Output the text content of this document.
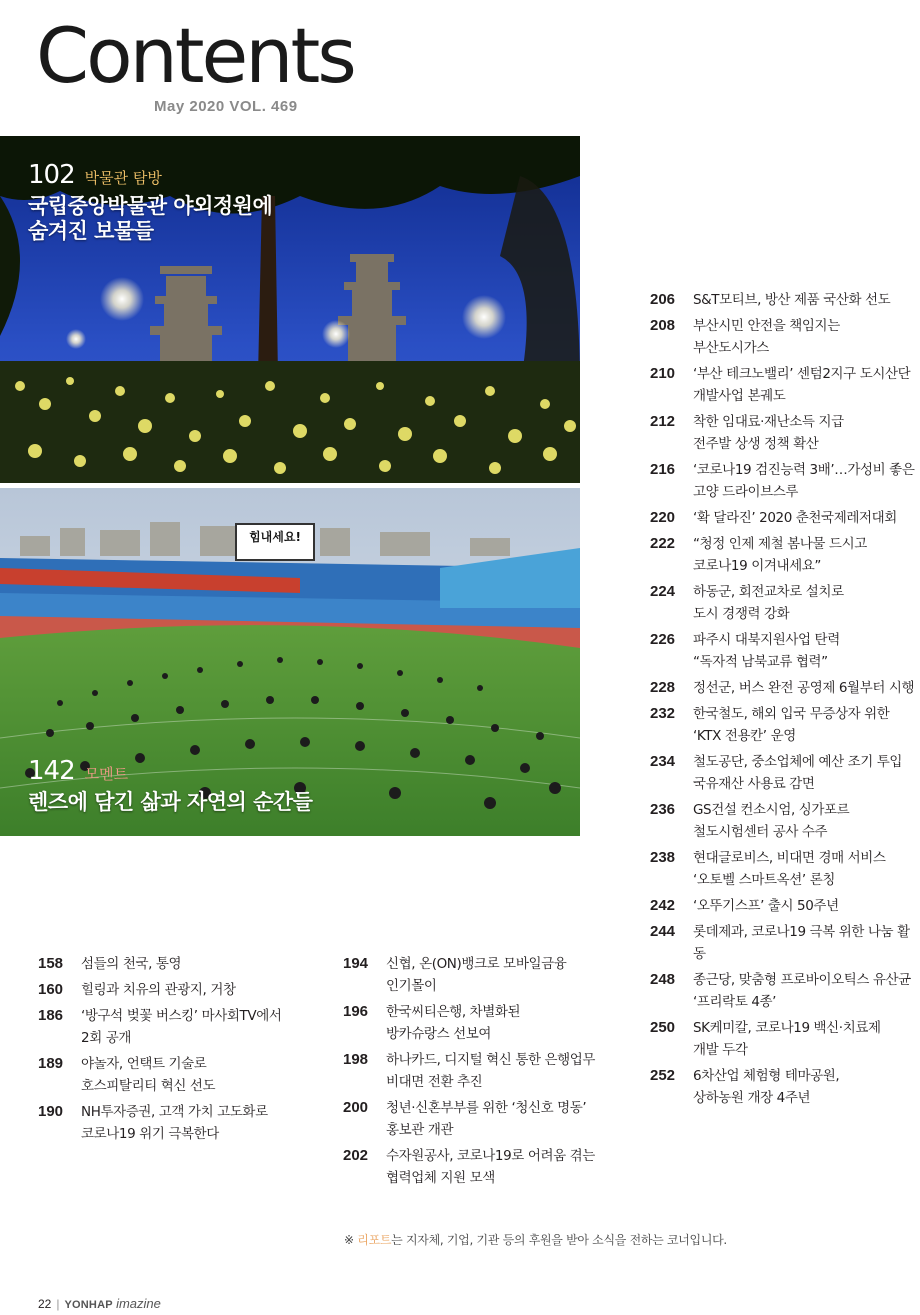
Contents
May 2020 VOL. 469
102 박물관 탐방
국립중앙박물관 야외정원에
숨겨진 보물들
힘내세요!
142 모멘트
렌즈에 담긴 삶과 자연의 순간들
206 S&T모티브, 방산 제품 국산화 선도
208 부산시민 안전을 책임지는
부산도시가스
210 ‘부산 테크노밸리’ 센텀2지구 도시산단
개발사업 본궤도
212 착한 임대료·재난소득 지급
전주발 상생 정책 확산
216 ‘코로나19 검진능력 3배’…가성비 좋은
고양 드라이브스루
220 ‘확 달라진’ 2020 춘천국제레저대회
222 “청정 인제 제철 봄나물 드시고
코로나19 이겨내세요”
224 하동군, 회전교차로 설치로
도시 경쟁력 강화
226 파주시 대북지원사업 탄력
“독자적 남북교류 협력”
228 정선군, 버스 완전 공영제 6월부터 시행
232 한국철도, 해외 입국 무증상자 위한
‘KTX 전용칸’ 운영
234 철도공단, 중소업체에 예산 조기 투입
국유재산 사용료 감면
236 GS건설 컨소시엄, 싱가포르
철도시험센터 공사 수주
238 현대글로비스, 비대면 경매 서비스
‘오토벨 스마트옥션’ 론칭
242 ‘오뚜기스프’ 출시 50주년
244 롯데제과, 코로나19 극복 위한 나눔 활동
248 종근당, 맞춤형 프로바이오틱스 유산균
‘프리락토 4종’
250 SK케미칼, 코로나19 백신·치료제
개발 두각
252 6차산업 체험형 테마공원,
상하농원 개장 4주년
158 섬들의 천국, 통영
160 힐링과 치유의 관광지, 거창
186 ‘방구석 벚꽃 버스킹’ 마사회TV에서
2회 공개
189 야놀자, 언택트 기술로
호스피탈리티 혁신 선도
190 NH투자증권, 고객 가치 고도화로
코로나19 위기 극복한다
194 신협, 온(ON)뱅크로 모바일금융
인기몰이
196 한국씨티은행, 차별화된
방카슈랑스 선보여
198 하나카드, 디지털 혁신 통한 은행업무
비대면 전환 추진
200 청년·신혼부부를 위한 ‘청신호 명동’
홍보관 개관
202 수자원공사, 코로나19로 어려움 겪는
협력업체 지원 모색
※ 리포트는 지자체, 기업, 기관 등의 후원을 받아 소식을 전하는 코너입니다.
22 | YONHAP imazine
